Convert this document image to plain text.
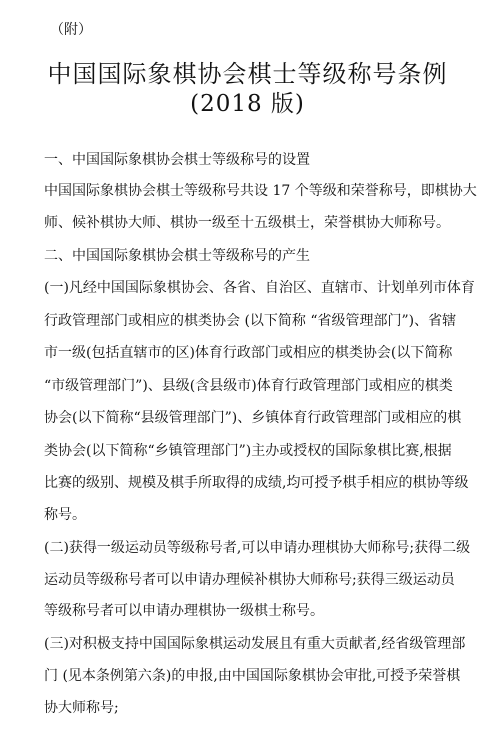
（附）
中国国际象棋协会棋士等级称号条例
(2018 版)
一、中国国际象棋协会棋士等级称号的设置
中国国际象棋协会棋士等级称号共设 17 个等级和荣誉称号，即棋协大
师、候补棋协大师、棋协一级至十五级棋士，荣誉棋协大师称号。
二、中国国际象棋协会棋士等级称号的产生
(一)凡经中国国际象棋协会、各省、自治区、直辖市、计划单列市体育
行政管理部门或相应的棋类协会 (以下简称 “省级管理部门”)、省辖
市一级(包括直辖市的区)体育行政部门或相应的棋类协会(以下简称
“市级管理部门”)、县级(含县级市)体育行政管理部门或相应的棋类
协会(以下简称“县级管理部门”)、乡镇体育行政管理部门或相应的棋
类协会(以下简称“乡镇管理部门”)主办或授权的国际象棋比赛,根据
比赛的级别、规模及棋手所取得的成绩,均可授予棋手相应的棋协等级
称号。
(二)获得一级运动员等级称号者,可以申请办理棋协大师称号;获得二级
运动员等级称号者可以申请办理候补棋协大师称号;获得三级运动员
等级称号者可以申请办理棋协一级棋士称号。
(三)对积极支持中国国际象棋运动发展且有重大贡献者,经省级管理部
门 (见本条例第六条)的申报,由中国国际象棋协会审批,可授予荣誉棋
协大师称号;
